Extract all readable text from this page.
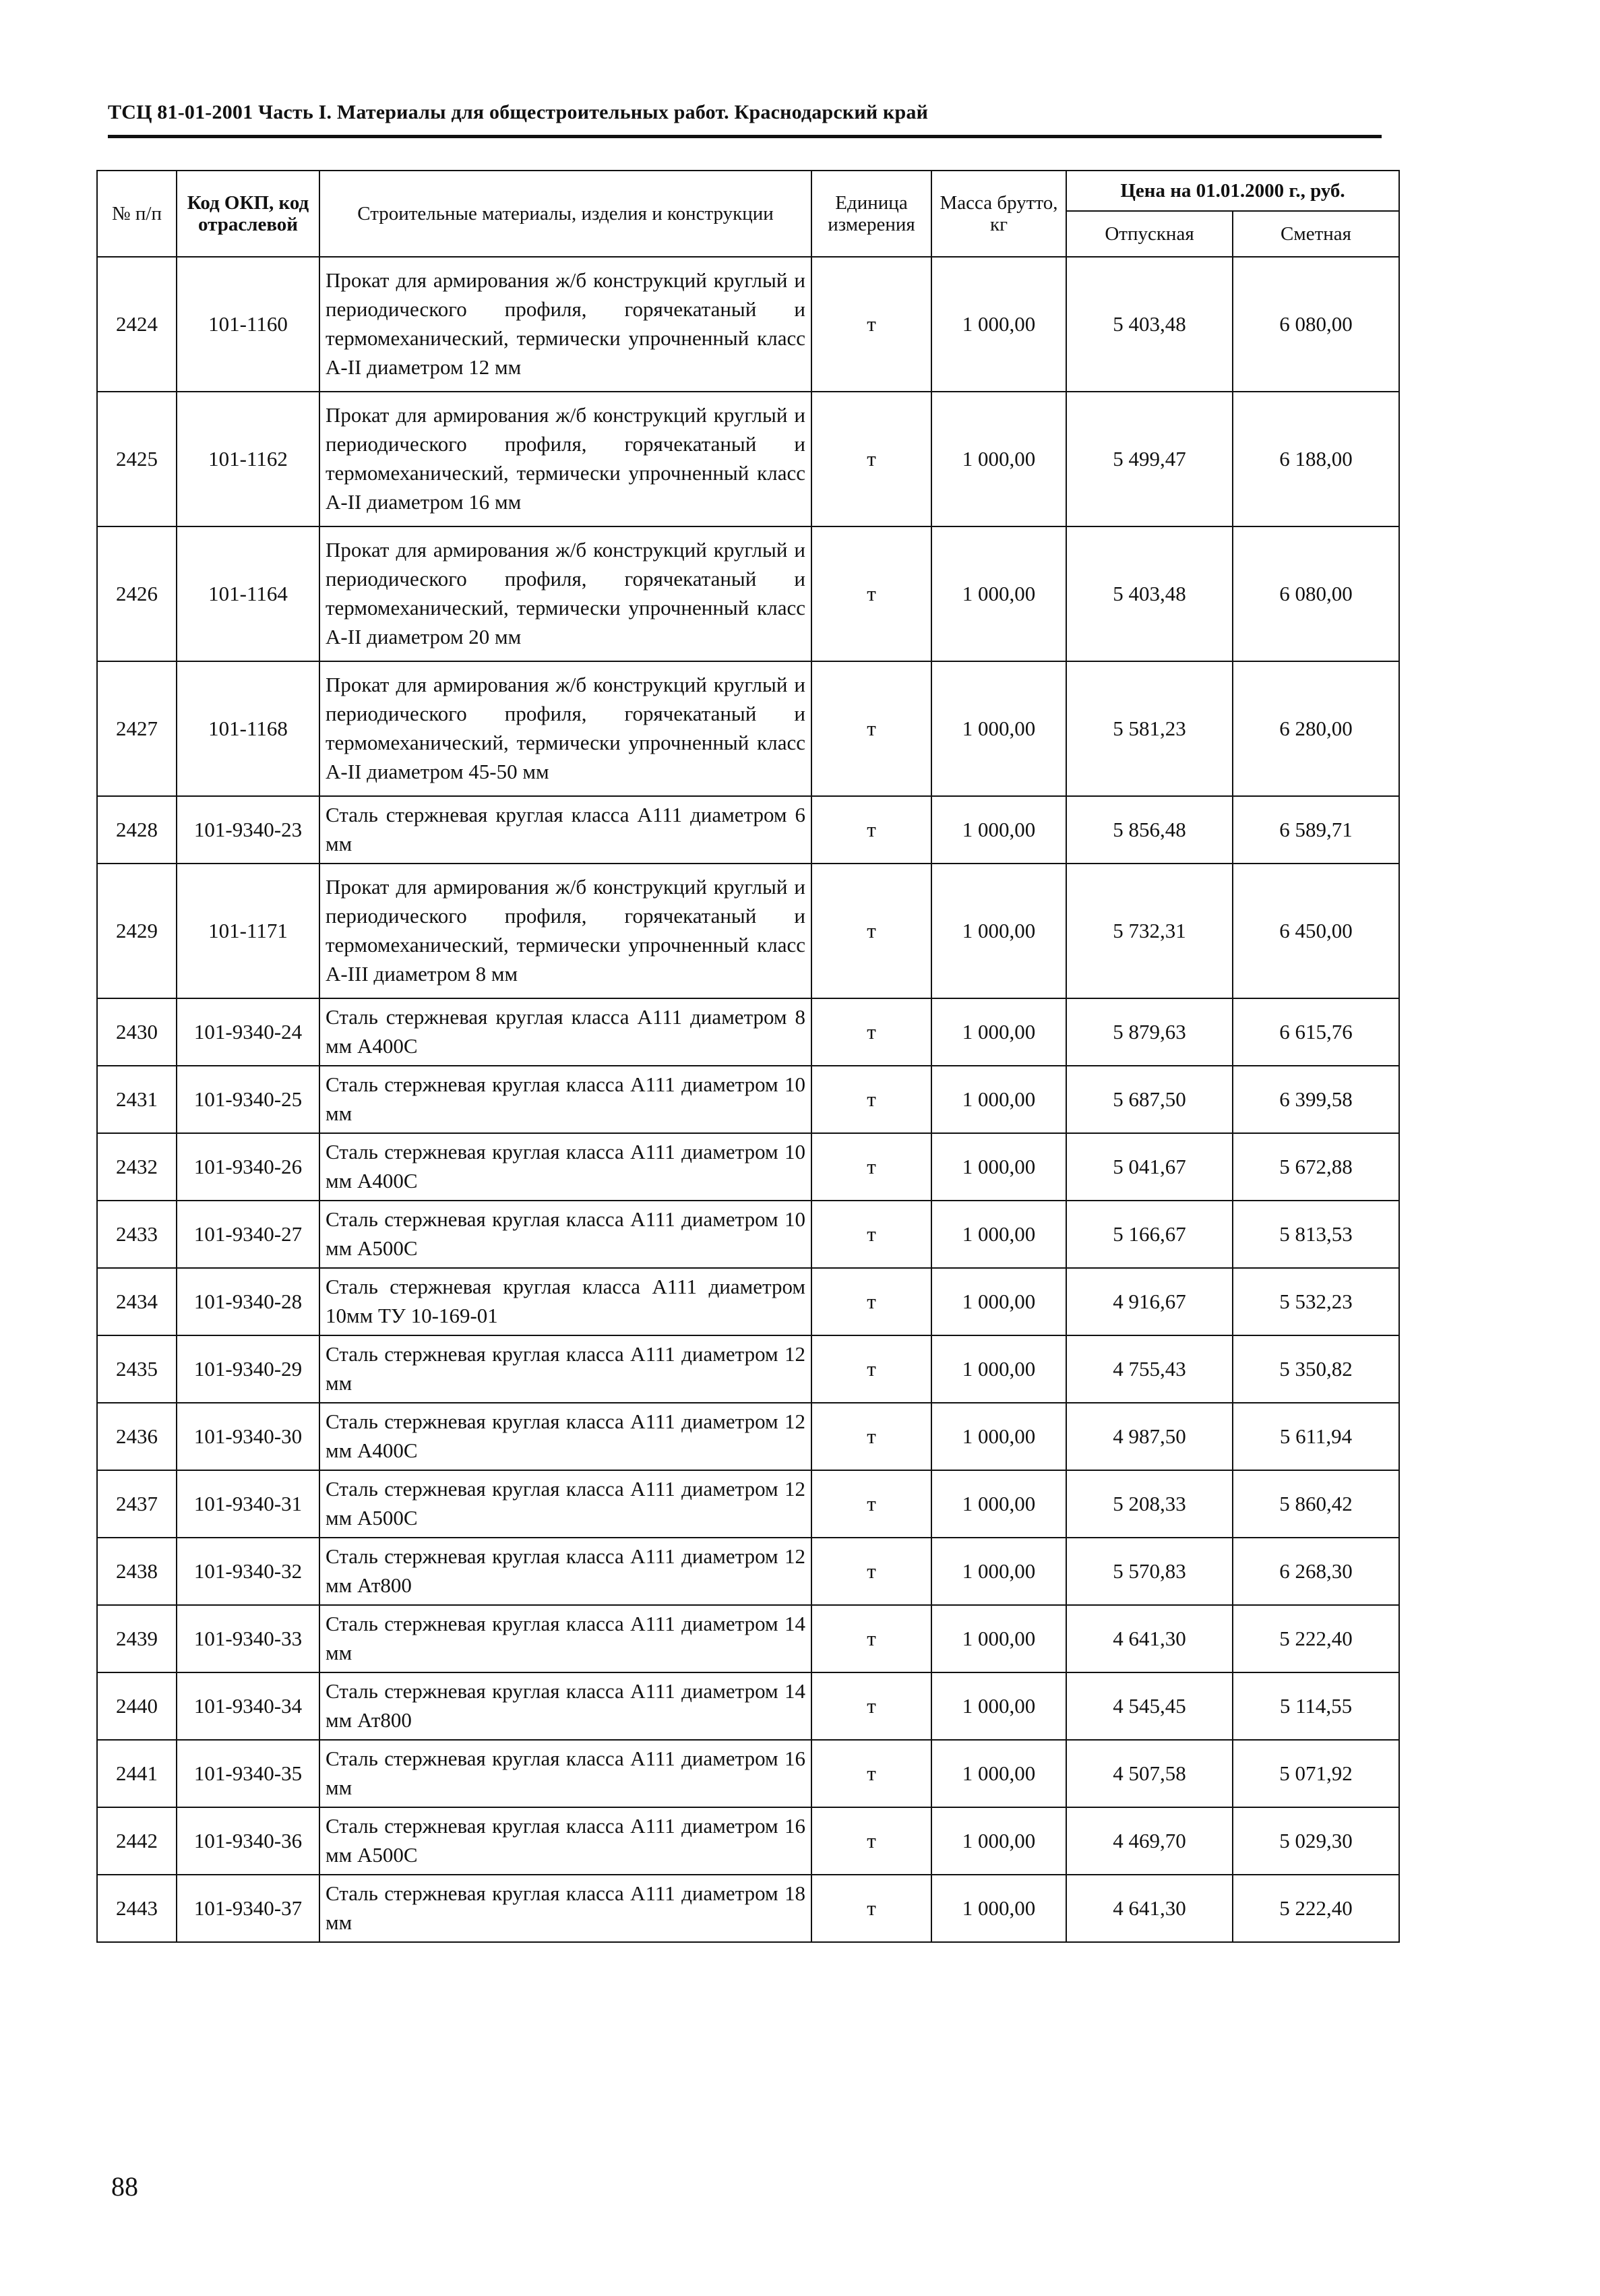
ТСЦ 81-01-2001 Часть I. Материалы для общестроительных работ. Краснодарский край
№ п/п	Код ОКП, код отраслевой	Строительные материалы, изделия и конструкции	Единица измерения	Масса брутто, кг	Цена на 01.01.2000 г., руб.	
					Отпускная	Сметная
2424	101-1160	Прокат для армирования ж/б конструкций круглый и периодического профиля, горячекатаный и термомеханический, термически упрочненный класс А-II диаметром 12 мм	т	1 000,00	5 403,48	6 080,00
2425	101-1162	Прокат для армирования ж/б конструкций круглый и периодического профиля, горячекатаный и термомеханический, термически упрочненный класс А-II диаметром 16 мм	т	1 000,00	5 499,47	6 188,00
2426	101-1164	Прокат для армирования ж/б конструкций круглый и периодического профиля, горячекатаный и термомеханический, термически упрочненный класс А-II диаметром 20 мм	т	1 000,00	5 403,48	6 080,00
2427	101-1168	Прокат для армирования ж/б конструкций круглый и периодического профиля, горячекатаный и термомеханический, термически упрочненный класс А-II диаметром 45-50 мм	т	1 000,00	5 581,23	6 280,00
2428	101-9340-23	Сталь стержневая круглая класса А111 диаметром 6 мм	т	1 000,00	5 856,48	6 589,71
2429	101-1171	Прокат для армирования ж/б конструкций круглый и периодического профиля, горячекатаный и термомеханический, термически упрочненный класс А-III диаметром 8 мм	т	1 000,00	5 732,31	6 450,00
2430	101-9340-24	Сталь стержневая круглая класса А111 диаметром 8 мм А400С	т	1 000,00	5 879,63	6 615,76
2431	101-9340-25	Сталь стержневая круглая класса А111 диаметром 10 мм	т	1 000,00	5 687,50	6 399,58
2432	101-9340-26	Сталь стержневая круглая класса А111 диаметром 10 мм А400С	т	1 000,00	5 041,67	5 672,88
2433	101-9340-27	Сталь стержневая круглая класса А111 диаметром 10 мм А500С	т	1 000,00	5 166,67	5 813,53
2434	101-9340-28	Сталь стержневая круглая класса А111 диаметром 10мм ТУ 10-169-01	т	1 000,00	4 916,67	5 532,23
2435	101-9340-29	Сталь стержневая круглая класса А111 диаметром 12 мм	т	1 000,00	4 755,43	5 350,82
2436	101-9340-30	Сталь стержневая круглая класса А111 диаметром 12 мм А400С	т	1 000,00	4 987,50	5 611,94
2437	101-9340-31	Сталь стержневая круглая класса А111 диаметром 12 мм А500С	т	1 000,00	5 208,33	5 860,42
2438	101-9340-32	Сталь стержневая круглая класса А111 диаметром 12 мм Ат800	т	1 000,00	5 570,83	6 268,30
2439	101-9340-33	Сталь стержневая круглая класса А111 диаметром 14 мм	т	1 000,00	4 641,30	5 222,40
2440	101-9340-34	Сталь стержневая круглая класса А111 диаметром 14 мм Ат800	т	1 000,00	4 545,45	5 114,55
2441	101-9340-35	Сталь стержневая круглая класса А111 диаметром 16 мм	т	1 000,00	4 507,58	5 071,92
2442	101-9340-36	Сталь стержневая круглая класса А111 диаметром 16 мм А500С	т	1 000,00	4 469,70	5 029,30
2443	101-9340-37	Сталь стержневая круглая класса А111 диаметром 18 мм	т	1 000,00	4 641,30	5 222,40
88
